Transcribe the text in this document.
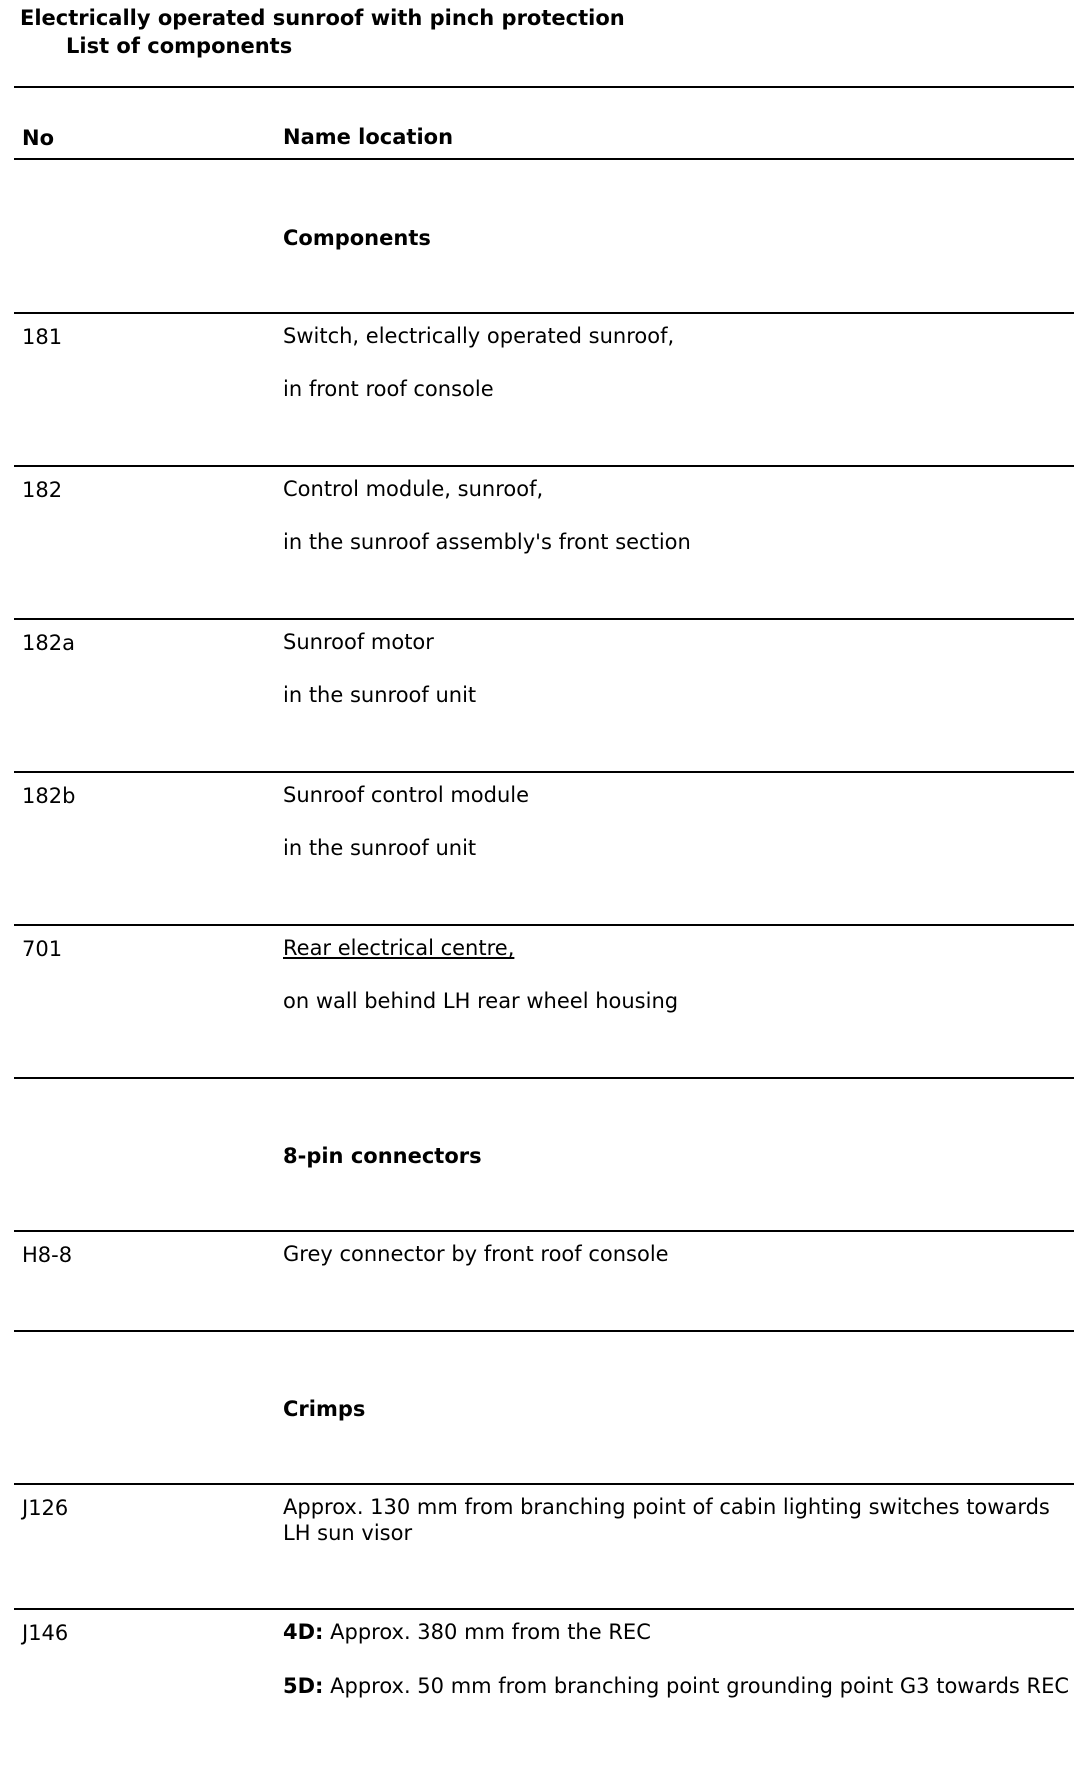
Electrically operated sunroof with pinch protection
List of components
No	Name location
Components
181	Switch, electrically operated sunroof,
in front roof console
182	Control module, sunroof,
in the sunroof assembly's front section
182a	Sunroof motor
in the sunroof unit
182b	Sunroof control module
in the sunroof unit
701	Rear electrical centre,
on wall behind LH rear wheel housing
8-pin connectors
H8-8	Grey connector by front roof console
Crimps
J126	Approx. 130 mm from branching point of cabin lighting switches towards LH sun visor
J146	4D: Approx. 380 mm from the REC
5D: Approx. 50 mm from branching point grounding point G3 towards REC
